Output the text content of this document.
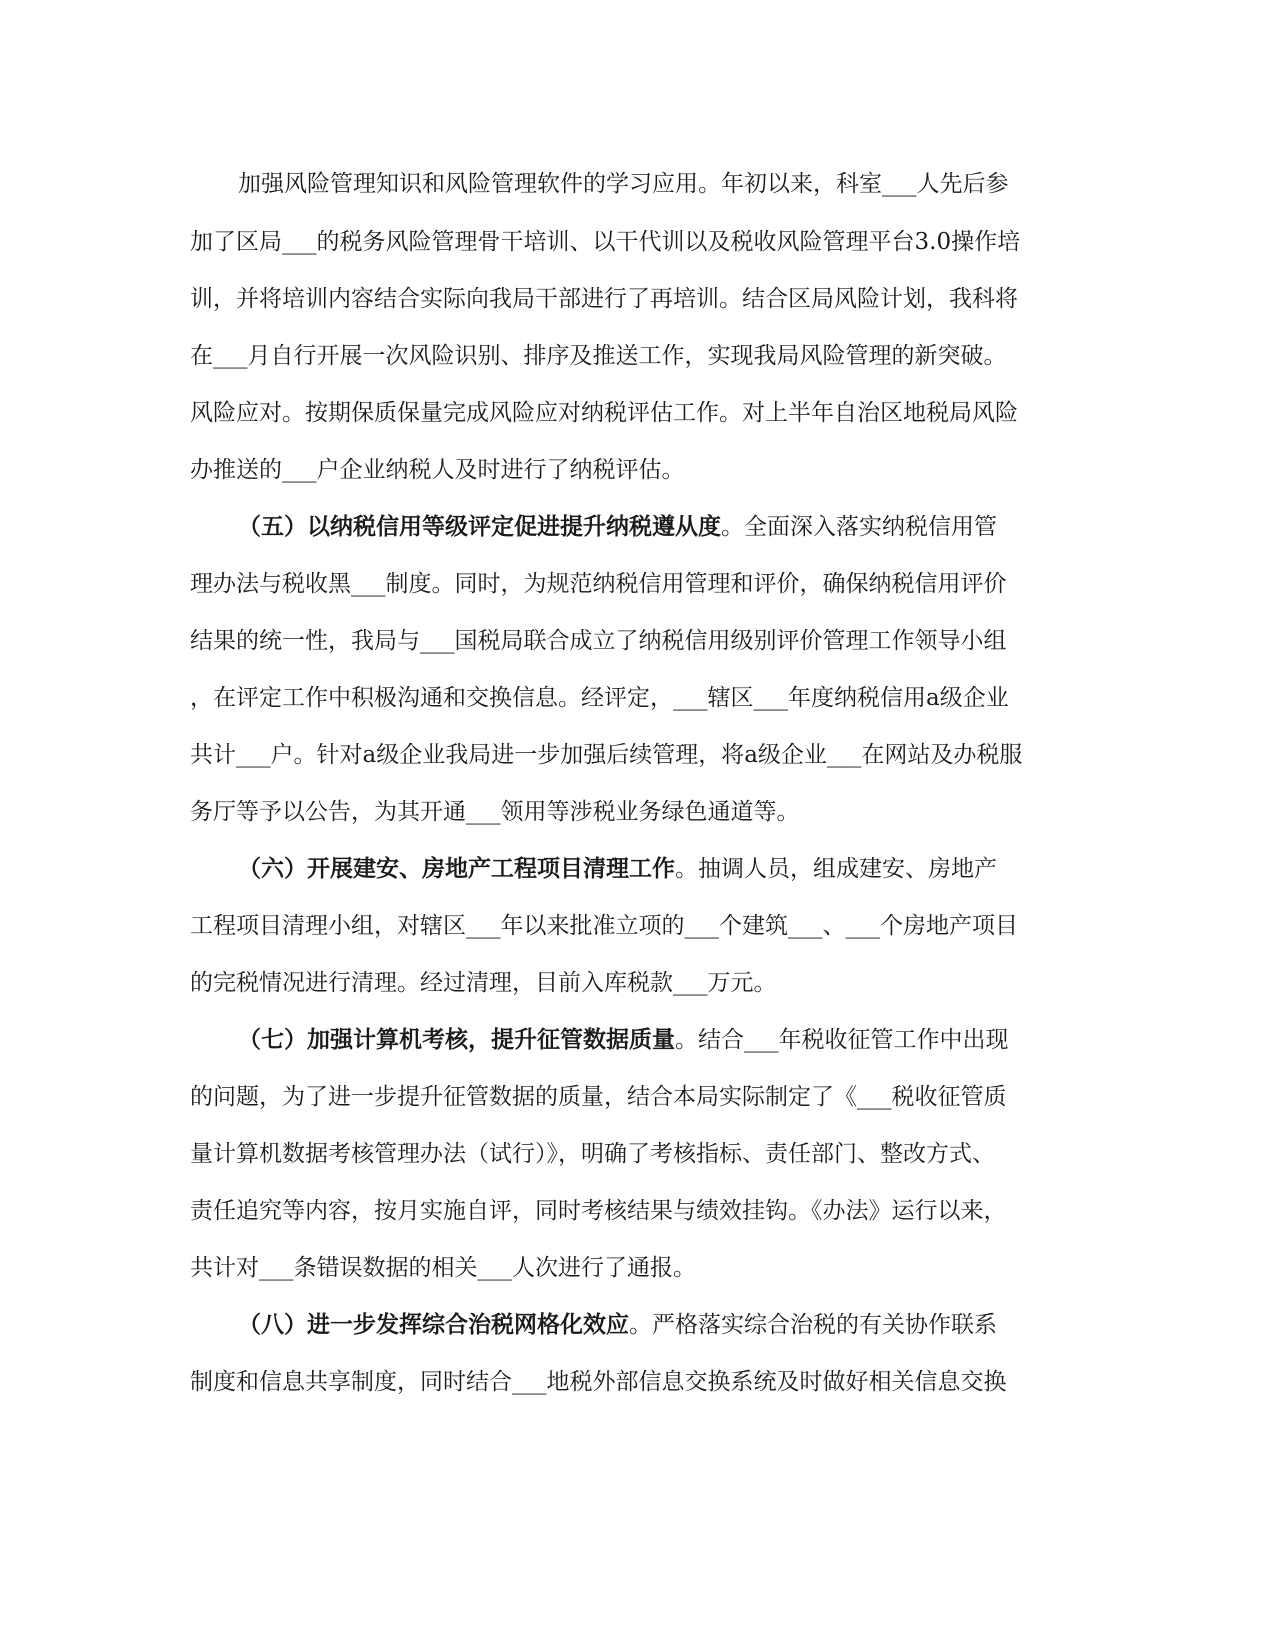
加强风险管理知识和风险管理软件的学习应用。年初以来，科室___人先后参

加了区局___的税务风险管理骨干培训、以干代训以及税收风险管理平台3.0操作培

训，并将培训内容结合实际向我局干部进行了再培训。结合区局风险计划，我科将

在___月自行开展一次风险识别、排序及推送工作，实现我局风险管理的新突破。

风险应对。按期保质保量完成风险应对纳税评估工作。对上半年自治区地税局风险

办推送的___户企业纳税人及时进行了纳税评估。

（五）以纳税信用等级评定促进提升纳税遵从度。全面深入落实纳税信用管

理办法与税收黑___制度。同时，为规范纳税信用管理和评价，确保纳税信用评价

结果的统一性，我局与___国税局联合成立了纳税信用级别评价管理工作领导小组

，在评定工作中积极沟通和交换信息。经评定，___辖区___年度纳税信用a级企业

共计___户。针对a级企业我局进一步加强后续管理，将a级企业___在网站及办税服

务厅等予以公告，为其开通___领用等涉税业务绿色通道等。

（六）开展建安、房地产工程项目清理工作。抽调人员，组成建安、房地产

工程项目清理小组，对辖区___年以来批准立项的___个建筑___、___个房地产项目

的完税情况进行清理。经过清理，目前入库税款___万元。

（七）加强计算机考核，提升征管数据质量。结合___年税收征管工作中出现

的问题，为了进一步提升征管数据的质量，结合本局实际制定了《___税收征管质

量计算机数据考核管理办法（试行）》，明确了考核指标、责任部门、整改方式、

责任追究等内容，按月实施自评，同时考核结果与绩效挂钩。《办法》运行以来，

共计对___条错误数据的相关___人次进行了通报。

（八）进一步发挥综合治税网格化效应。严格落实综合治税的有关协作联系

制度和信息共享制度，同时结合___地税外部信息交换系统及时做好相关信息交换
